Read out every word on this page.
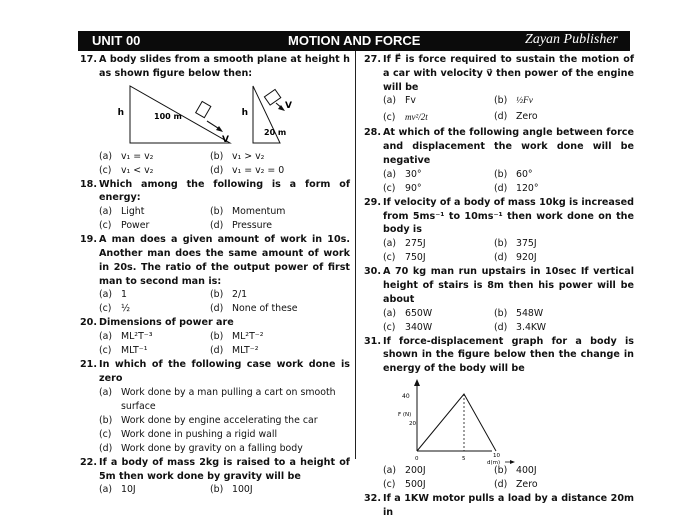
UNIT 00	MOTION AND FORCE	Zayan Publisher
17. A body slides from a smooth plane at height h as shown figure below then:
h	100 m
V
h
20 m
V
(a) v₁ = v₂	(b) v₁ > v₂
(c) v₁ < v₂	(d) v₁ = v₂ = 0
18. Which among the following is a form of energy:
(a) Light	(b) Momentum
(c) Power	(d) Pressure
19. A man does a given amount of work in 10s. Another man does the same amount of work in 20s. The ratio of the output power of first man to second man is:
(a) 1	(b) 2/1
(c) ½	(d) None of these
20. Dimensions of power are
(a) ML²T⁻³	(b) ML²T⁻²
(c) MLT⁻¹	(d) MLT⁻²
21. In which of the following case work done is zero
(a) Work done by a man pulling a cart on smooth surface
(b) Work done by engine accelerating the car
(c) Work done in pushing a rigid wall
(d) Work done by gravity on a falling body
22. If a body of mass 2kg is raised to a height of 5m then work done by gravity will be
(a) 10J	(b) 100J
27. If F⃗ is force required to sustain the motion of a car with velocity v⃗ then power of the engine will be
(a) Fv	(b) ½Fv
(c) mv²/2t	(d) Zero
28. At which of the following angle between force and displacement the work done will be negative
(a) 30°	(b) 60°
(c) 90°	(d) 120°
29. If velocity of a body of mass 10kg is increased from 5ms⁻¹ to 10ms⁻¹ then work done on the body is
(a) 275J	(b) 375J
(c) 750J	(d) 920J
30. A 70 kg man run upstairs in 10sec If vertical height of stairs is 8m then his power will be about
(a) 650W	(b) 548W
(c) 340W	(d) 3.4KW
31. If force-displacement graph for a body is shown in the figure below then the change in energy of the body will be
40
F (N)
20
0	5	10
d(m)
(a) 200J	(b) 400J
(c) 500J	(d) Zero
32. If a 1KW motor pulls a load by a distance 20m in
